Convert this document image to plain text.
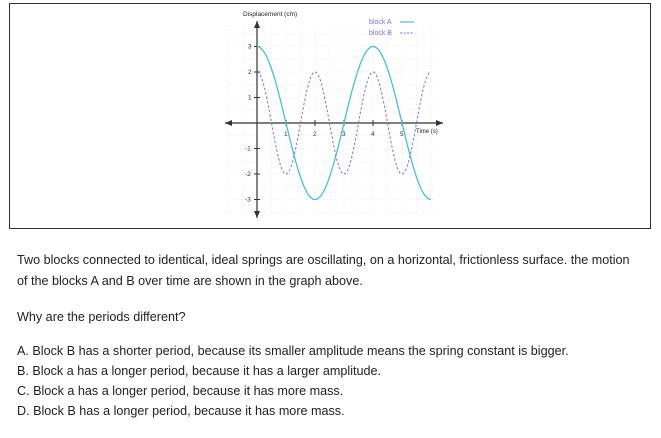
1	2	3	4	5
3
2
1
-1
-2
-3
Displacement (cm)
Time (s)
block A
block B

Two blocks connected to identical, ideal springs are oscillating, on a horizontal, frictionless surface. the motion of the blocks A and B over time are shown in the graph above.

Why are the periods different?

A. Block B has a shorter period, because its smaller amplitude means the spring constant is bigger.

B. Block a has a longer period, because it has a larger amplitude.

C. Block a has a longer period, because it has more mass.

D. Block B has a longer period, because it has more mass.
